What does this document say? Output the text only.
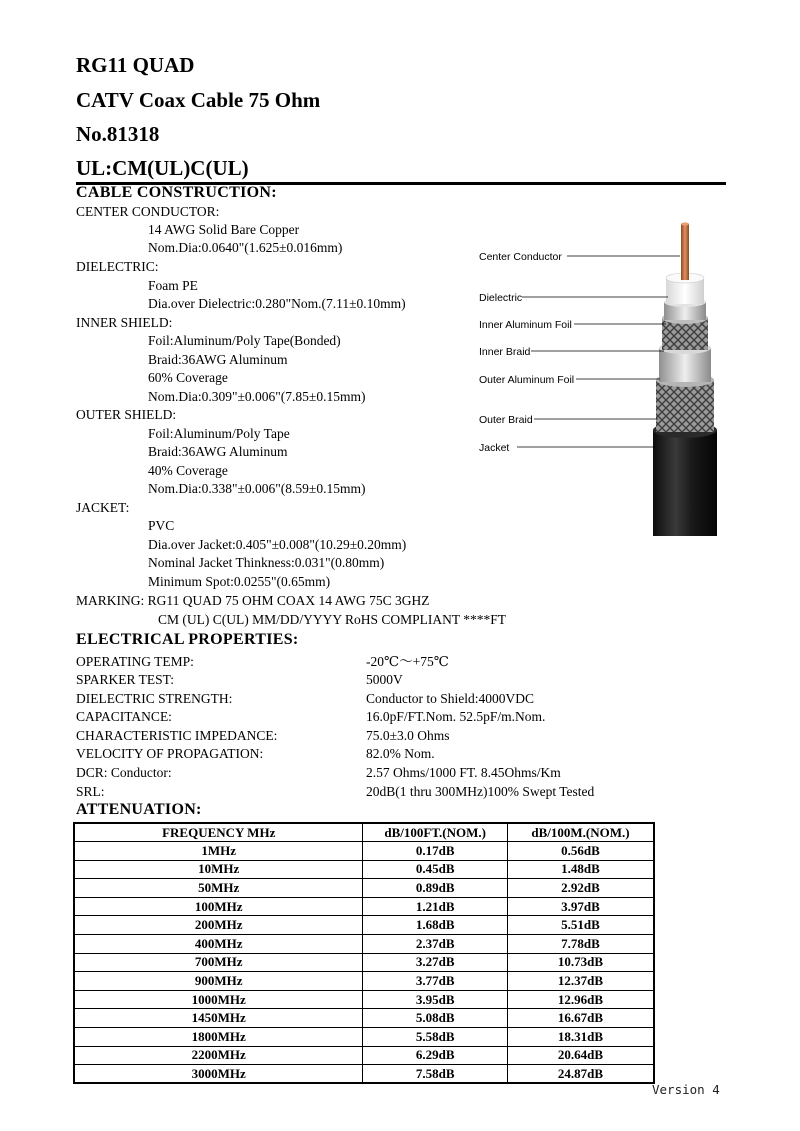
RG11 QUAD
CATV Coax Cable 75 Ohm
No.81318
UL:CM(UL)C(UL)
CABLE CONSTRUCTION:
CENTER CONDUCTOR:
14 AWG Solid Bare Copper
Nom.Dia:0.0640"(1.625±0.016mm)
DIELECTRIC:
Foam PE
Dia.over Dielectric:0.280"Nom.(7.11±0.10mm)
INNER SHIELD:
Foil:Aluminum/Poly Tape(Bonded)
Braid:36AWG Aluminum
60% Coverage
Nom.Dia:0.309"±0.006"(7.85±0.15mm)
OUTER SHIELD:
Foil:Aluminum/Poly Tape
Braid:36AWG Aluminum
40% Coverage
Nom.Dia:0.338"±0.006"(8.59±0.15mm)
JACKET:
PVC
Dia.over Jacket:0.405"±0.008"(10.29±0.20mm)
Nominal Jacket Thinkness:0.031"(0.80mm)
Minimum Spot:0.0255"(0.65mm)
MARKING: RG11 QUAD 75 OHM COAX 14 AWG 75C 3GHZ
CM (UL) C(UL) MM/DD/YYYY RoHS COMPLIANT ****FT
Center Conductor
Dielectric
Inner Aluminum Foil
Inner Braid
Outer Aluminum Foil
Outer Braid
Jacket
ELECTRICAL PROPERTIES:
OPERATING TEMP:	-20℃～+75℃
SPARKER TEST:	5000V
DIELECTRIC STRENGTH:	Conductor to Shield:4000VDC
CAPACITANCE:	16.0pF/FT.Nom. 52.5pF/m.Nom.
CHARACTERISTIC IMPEDANCE:	75.0±3.0 Ohms
VELOCITY OF PROPAGATION:	82.0% Nom.
DCR: Conductor:	2.57 Ohms/1000 FT. 8.45Ohms/Km
SRL:	20dB(1 thru 300MHz)100% Swept Tested
ATTENUATION:
FREQUENCY MHz	dB/100FT.(NOM.)	dB/100M.(NOM.)
1MHz	0.17dB	0.56dB
10MHz	0.45dB	1.48dB
50MHz	0.89dB	2.92dB
100MHz	1.21dB	3.97dB
200MHz	1.68dB	5.51dB
400MHz	2.37dB	7.78dB
700MHz	3.27dB	10.73dB
900MHz	3.77dB	12.37dB
1000MHz	3.95dB	12.96dB
1450MHz	5.08dB	16.67dB
1800MHz	5.58dB	18.31dB
2200MHz	6.29dB	20.64dB
3000MHz	7.58dB	24.87dB
Version 4
